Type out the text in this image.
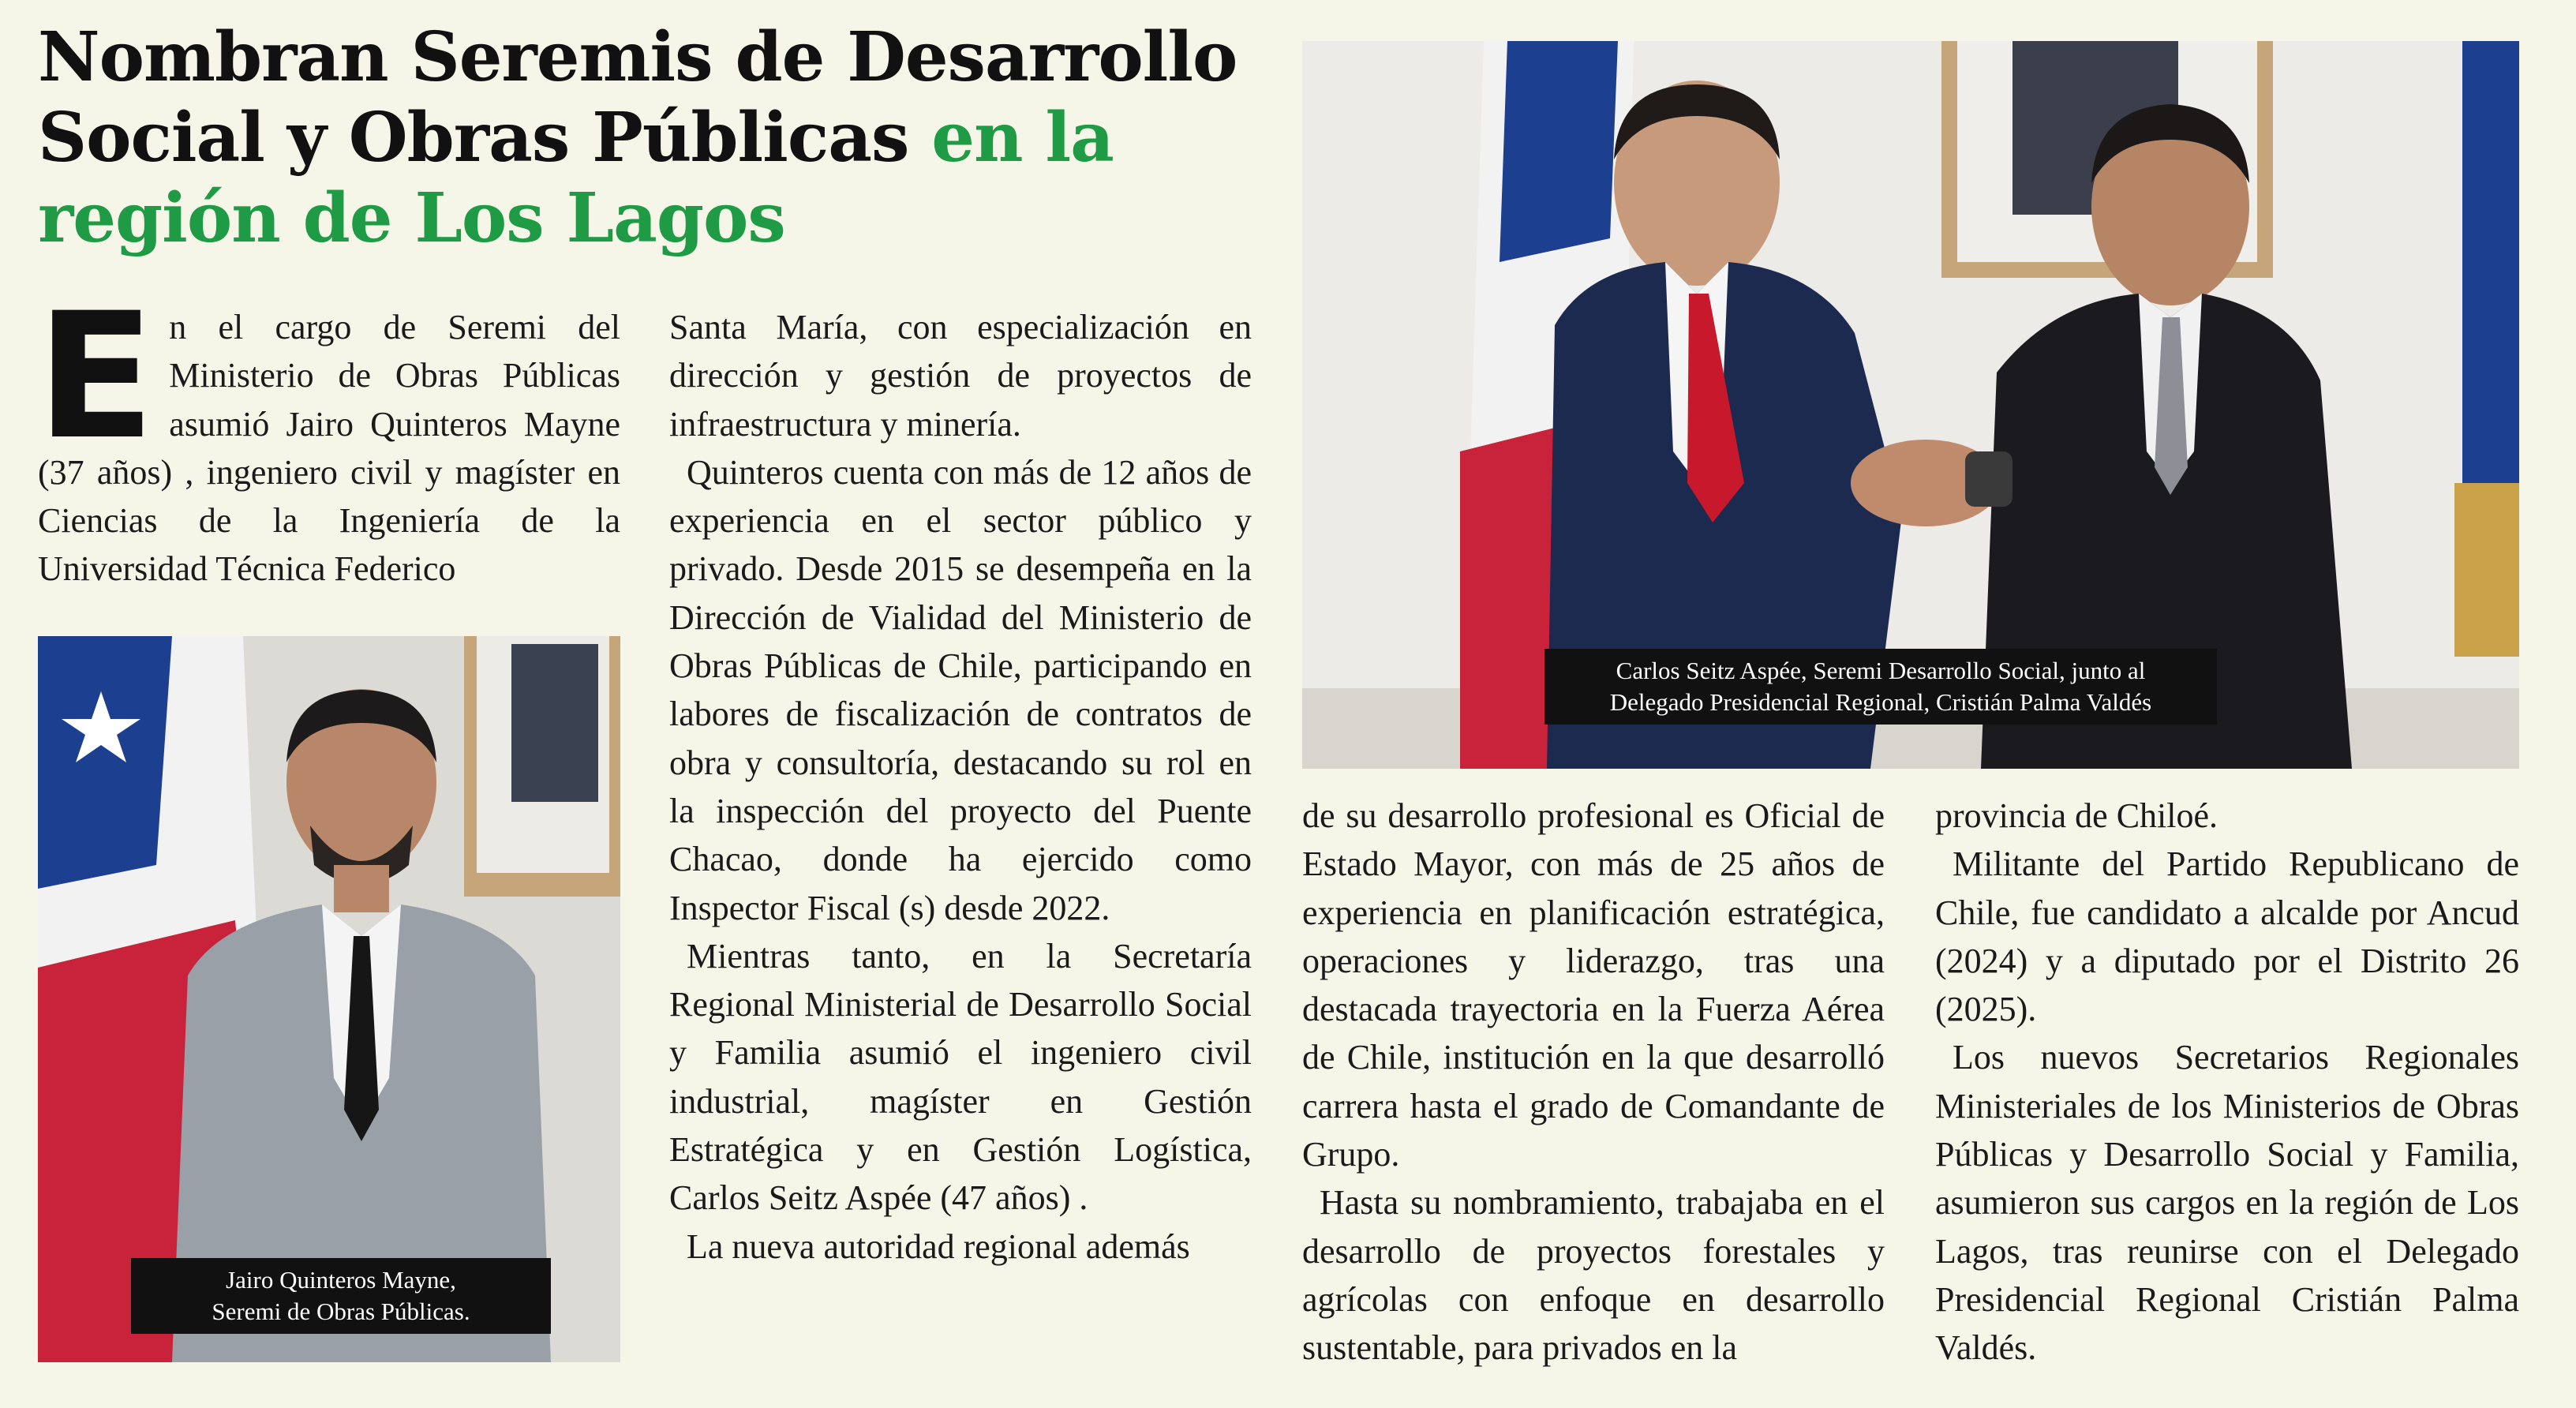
Nombran Seremis de Desarrollo Social y Obras Públicas en la región de Los Lagos

En el cargo de Seremi del Ministerio de Obras Públicas asumió Jairo Quinteros Mayne (37 años) , ingeniero civil y magíster en Ciencias de la Ingeniería de la Universidad Técnica Federico

Jairo Quinteros Mayne,
Seremi de Obras Públicas.

Santa María, con especialización en dirección y gestión de proyectos de infraestructura y minería.

Quinteros cuenta con más de 12 años de experiencia en el sector público y privado. Desde 2015 se desempeña en la Dirección de Vialidad del Ministerio de Obras Públicas de Chile, participando en labores de fiscalización de contratos de obra y consultoría, destacando su rol en la inspección del proyecto del Puente Chacao, donde ha ejercido como Inspector Fiscal (s) desde 2022.

Mientras tanto, en la Secretaría Regional Ministerial de Desarrollo Social y Familia asumió el ingeniero civil industrial, magíster en Gestión Estratégica y en Gestión Logística, Carlos Seitz Aspée (47 años) .

La nueva autoridad regional además

Carlos Seitz Aspée, Seremi Desarrollo Social, junto al
Delegado Presidencial Regional, Cristián Palma Valdés

de su desarrollo profesional es Oficial de Estado Mayor, con más de 25 años de experiencia en planificación estratégica, operaciones y liderazgo, tras una destacada trayectoria en la Fuerza Aérea de Chile, institución en la que desarrolló carrera hasta el grado de Comandante de Grupo.

Hasta su nombramiento, trabajaba en el desarrollo de proyectos forestales y agrícolas con enfoque en desarrollo sustentable, para privados en la

provincia de Chiloé.

Militante del Partido Republicano de Chile, fue candidato a alcalde por Ancud (2024) y a diputado por el Distrito 26 (2025).

Los nuevos Secretarios Regionales Ministeriales de los Ministerios de Obras Públicas y Desarrollo Social y Familia, asumieron sus cargos en la región de Los Lagos, tras reunirse con el Delegado Presidencial Regional Cristián Palma Valdés.
